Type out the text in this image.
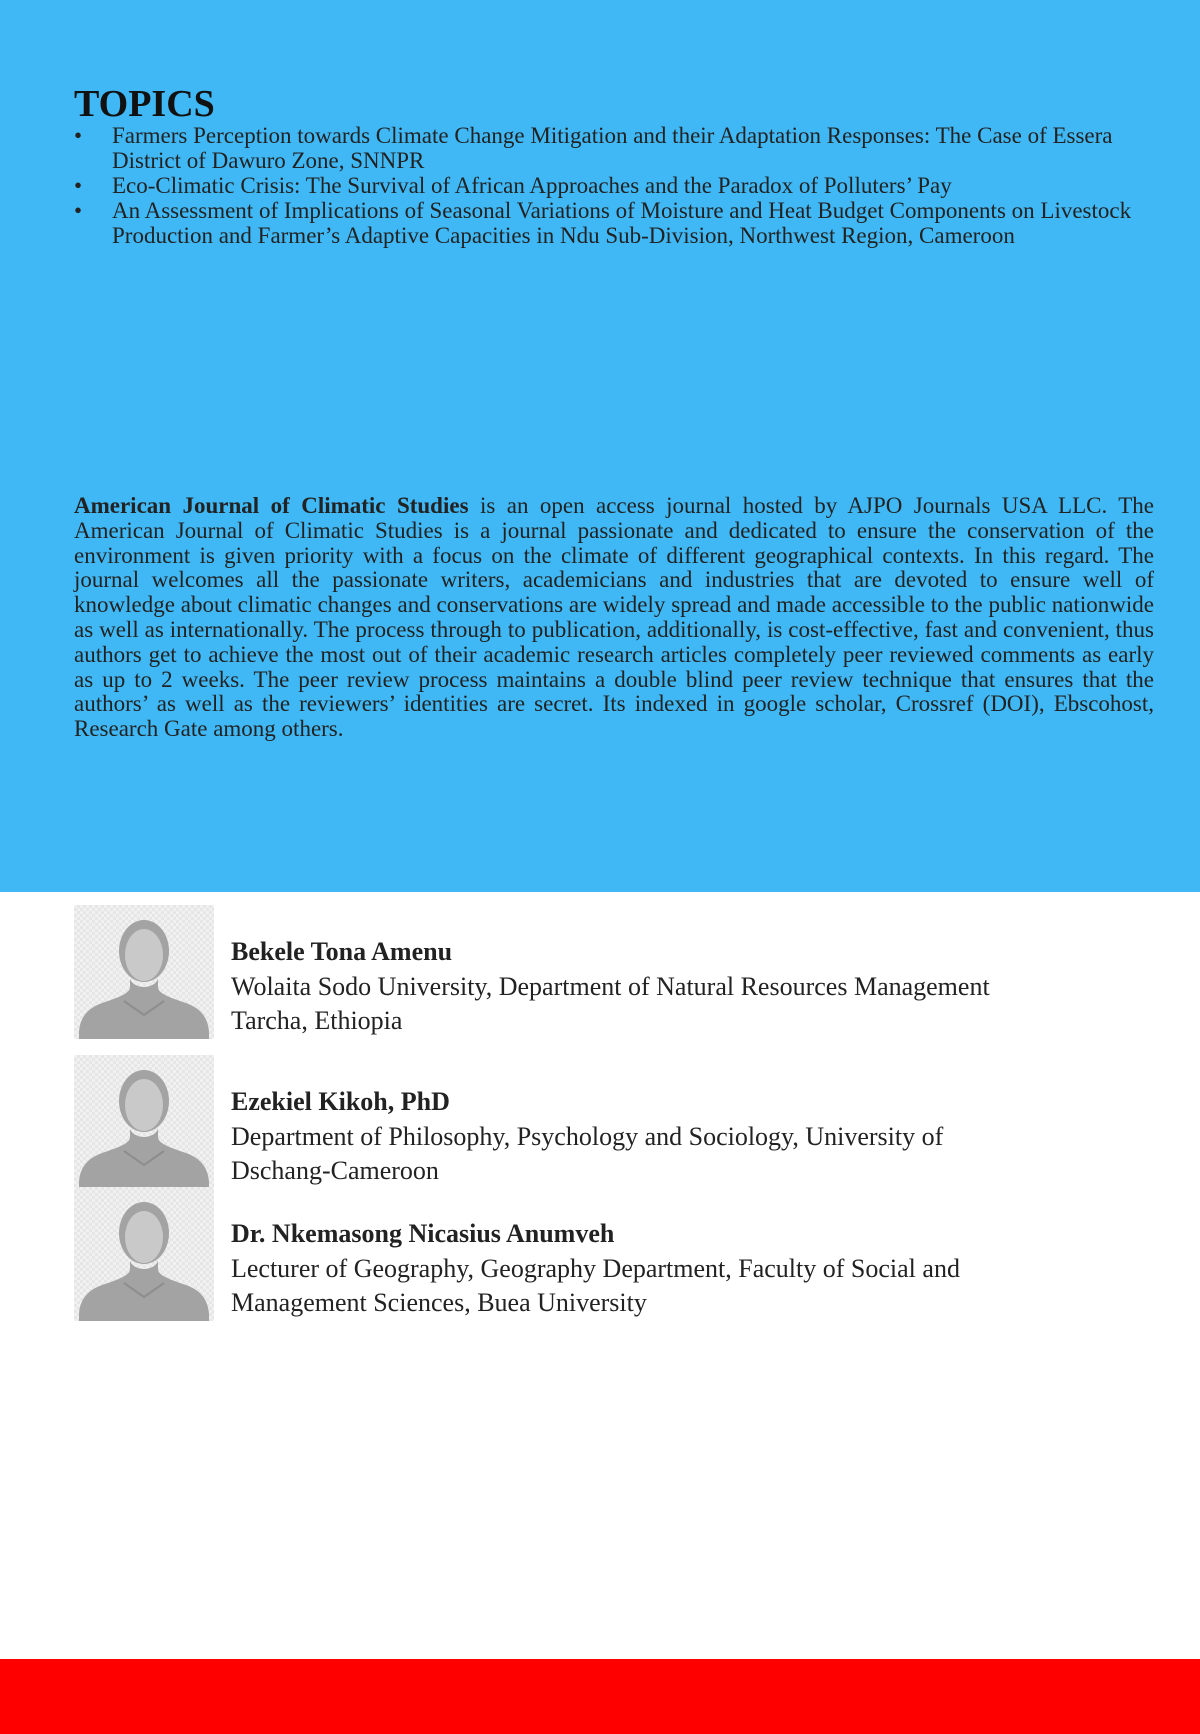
TOPICS
• Farmers Perception towards Climate Change Mitigation and their Adaptation Responses: The Case of Essera District of Dawuro Zone, SNNPR
• Eco-Climatic Crisis: The Survival of African Approaches and the Paradox of Polluters’ Pay
• An Assessment of Implications of Seasonal Variations of Moisture and Heat Budget Components on Livestock Production and Farmer’s Adaptive Capacities in Ndu Sub-Division, Northwest Region, Cameroon

American Journal of Climatic Studies is an open access journal hosted by AJPO Journals USA LLC. The American Journal of Climatic Studies is a journal passionate and dedicated to ensure the conservation of the environment is given priority with a focus on the climate of different geographical contexts. In this regard. The journal welcomes all the passionate writers, academicians and industries that are devoted to ensure well of knowledge about climatic changes and conservations are widely spread and made accessible to the public nationwide as well as internationally. The process through to publication, additionally, is cost-effective, fast and convenient, thus authors get to achieve the most out of their academic research articles completely peer reviewed comments as early as up to 2 weeks. The peer review process maintains a double blind peer review technique that ensures that the authors’ as well as the reviewers’ identities are secret. Its indexed in google scholar, Crossref (DOI), Ebscohost, Research Gate among others.

Bekele Tona Amenu
Wolaita Sodo University, Department of Natural Resources Management
Tarcha, Ethiopia
Ezekiel Kikoh, PhD
Department of Philosophy, Psychology and Sociology, University of
Dschang-Cameroon
Dr. Nkemasong Nicasius Anumveh
Lecturer of Geography, Geography Department, Faculty of Social and
Management Sciences, Buea University
